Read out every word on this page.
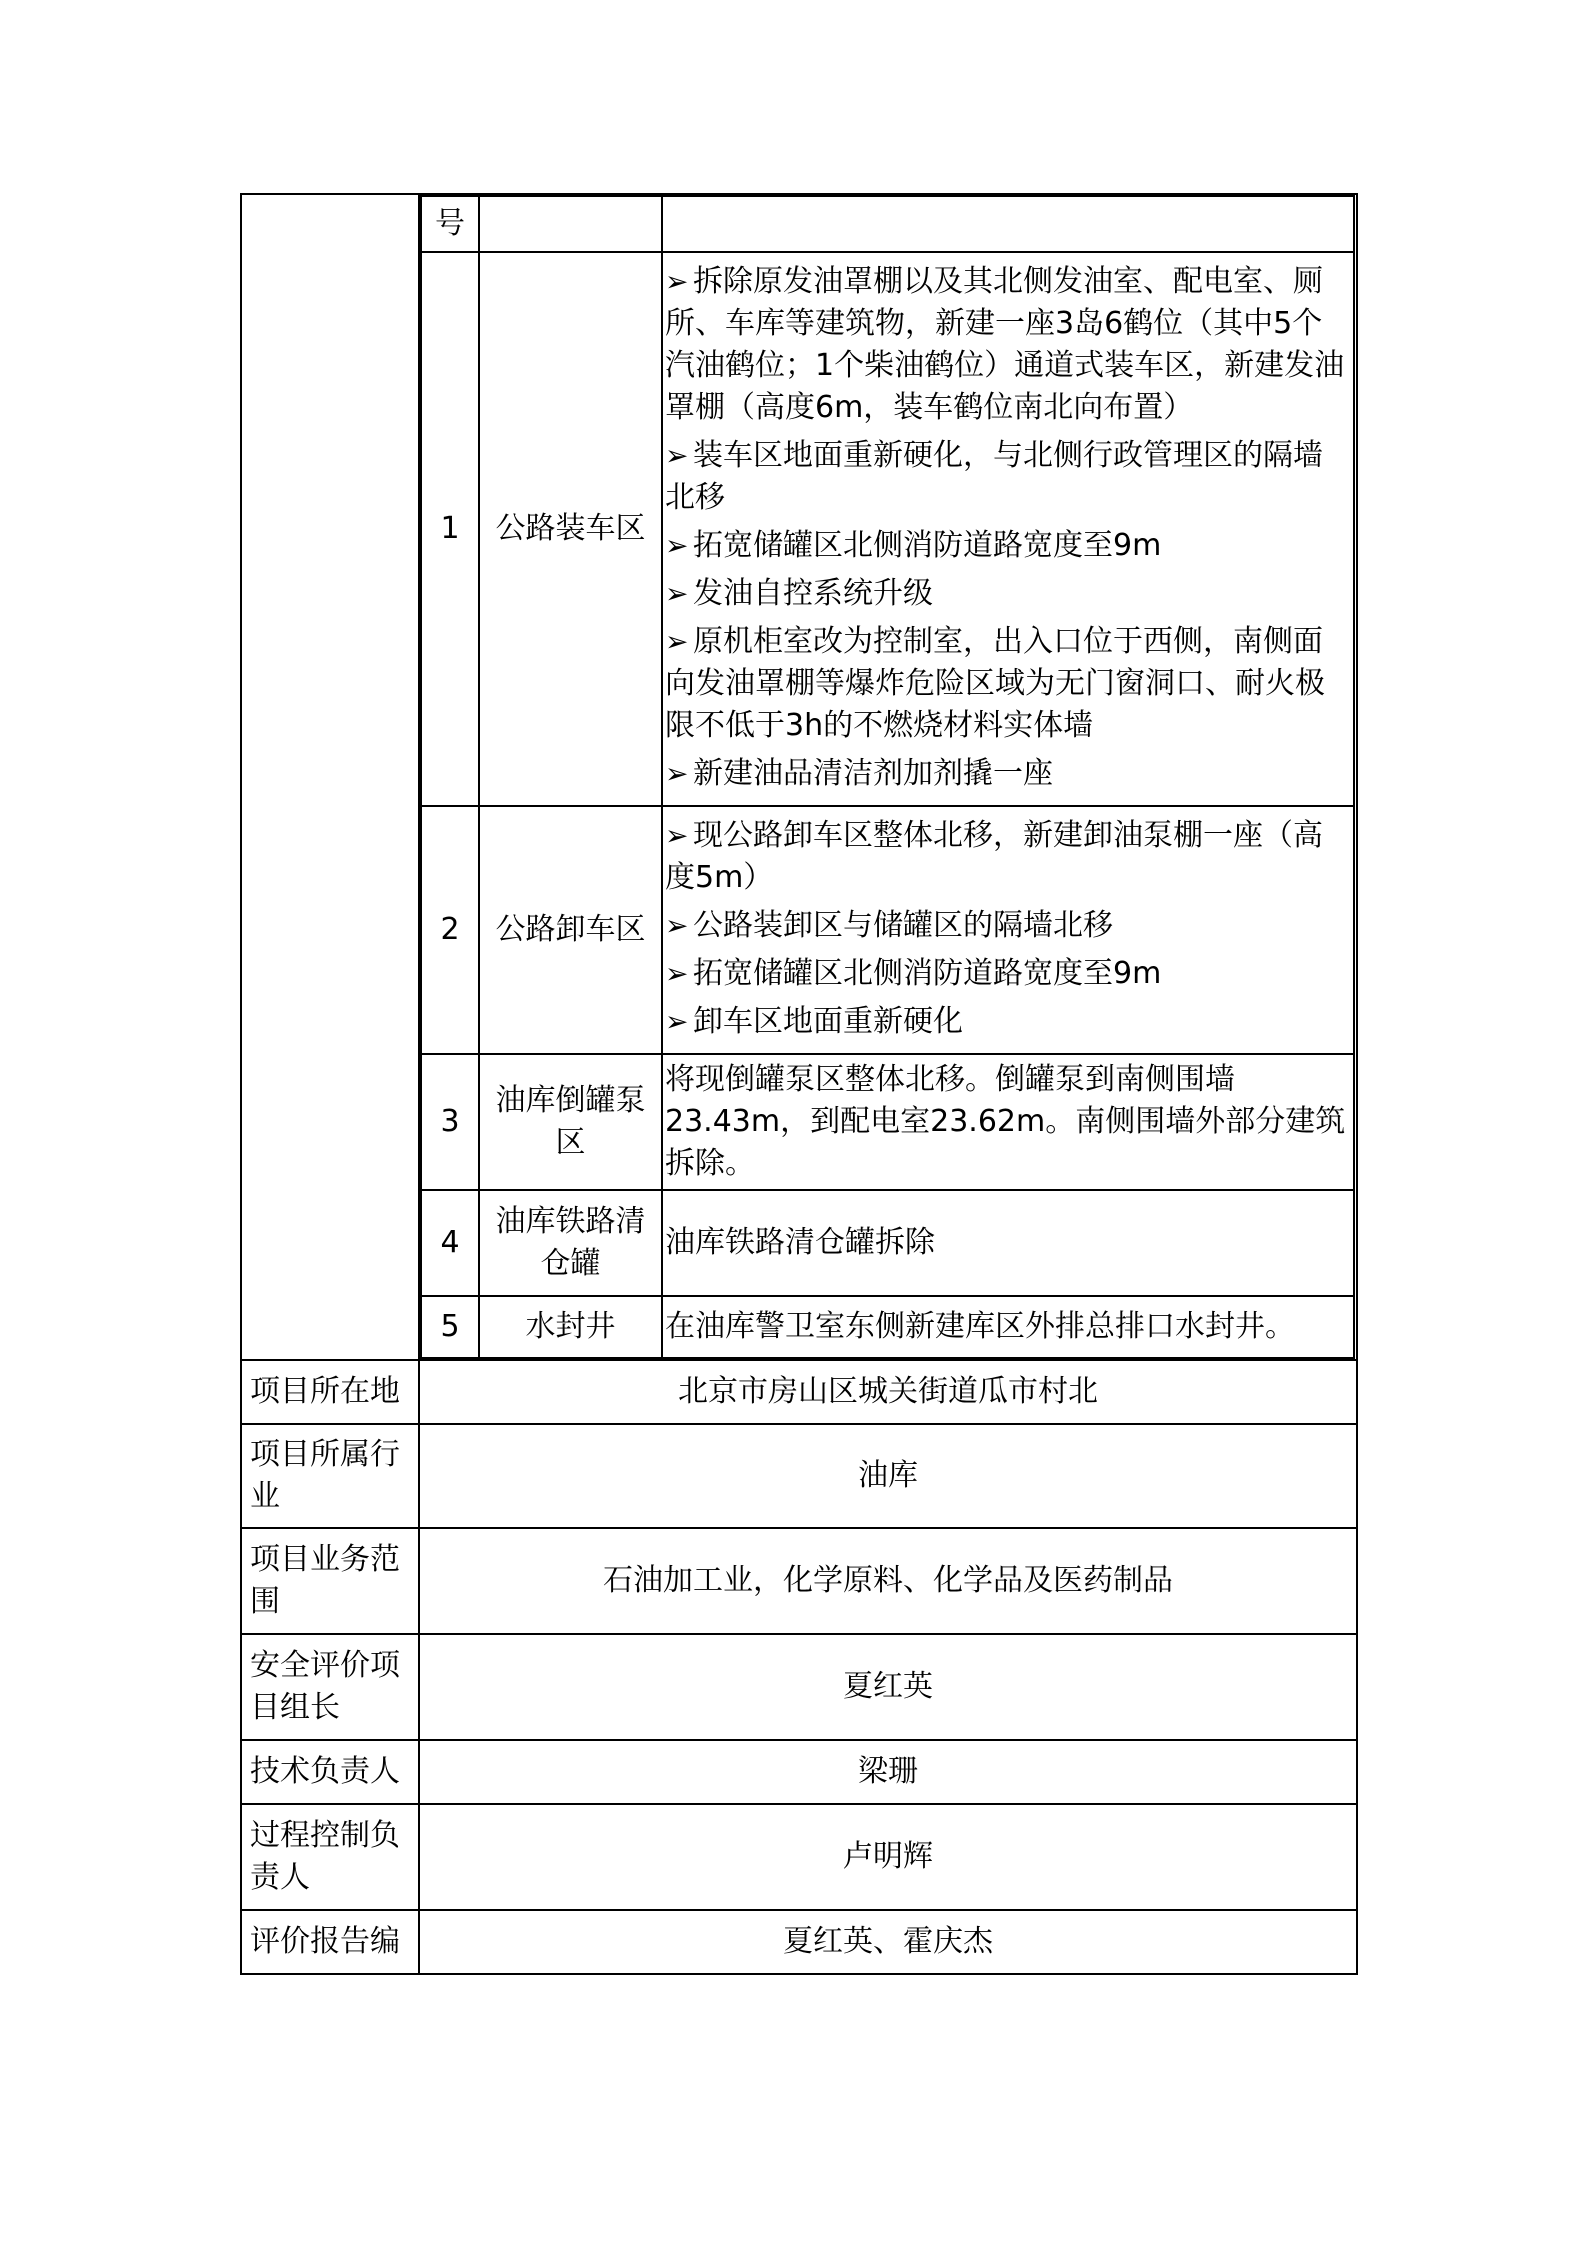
号		
1	公路装车区	
➢ 拆除原发油罩棚以及其北侧发油室、配电室、厕所、车库等建筑物，新建一座3岛6鹤位（其中5个汽油鹤位；1个柴油鹤位）通道式装车区，新建发油罩棚（高度6m，装车鹤位南北向布置）
➢ 装车区地面重新硬化，与北侧行政管理区的隔墙北移
➢ 拓宽储罐区北侧消防道路宽度至9m
➢ 发油自控系统升级
➢ 原机柜室改为控制室，出入口位于西侧，南侧面向发油罩棚等爆炸危险区域为无门窗洞口、耐火极限不低于3h的不燃烧材料实体墙
➢ 新建油品清洁剂加剂撬一座

2	公路卸车区	
➢ 现公路卸车区整体北移，新建卸油泵棚一座（高度5m）
➢ 公路装卸区与储罐区的隔墙北移
➢ 拓宽储罐区北侧消防道路宽度至9m
➢ 卸车区地面重新硬化

3	油库倒罐泵区	
将现倒罐泵区整体北移。倒罐泵到南侧围墙23.43m，到配电室23.62m。南侧围墙外部分建筑拆除。

4	油库铁路清仓罐	
油库铁路清仓罐拆除

5	水封井	在油库警卫室东侧新建库区外排总排口水封井。

项目所在地	北京市房山区城关街道瓜市村北
项目所属行业	油库
项目业务范围	石油加工业，化学原料、化学品及医药制品
安全评价项目组长	夏红英
技术负责人	梁珊
过程控制负责人	卢明辉
评价报告编	夏红英、霍庆杰
